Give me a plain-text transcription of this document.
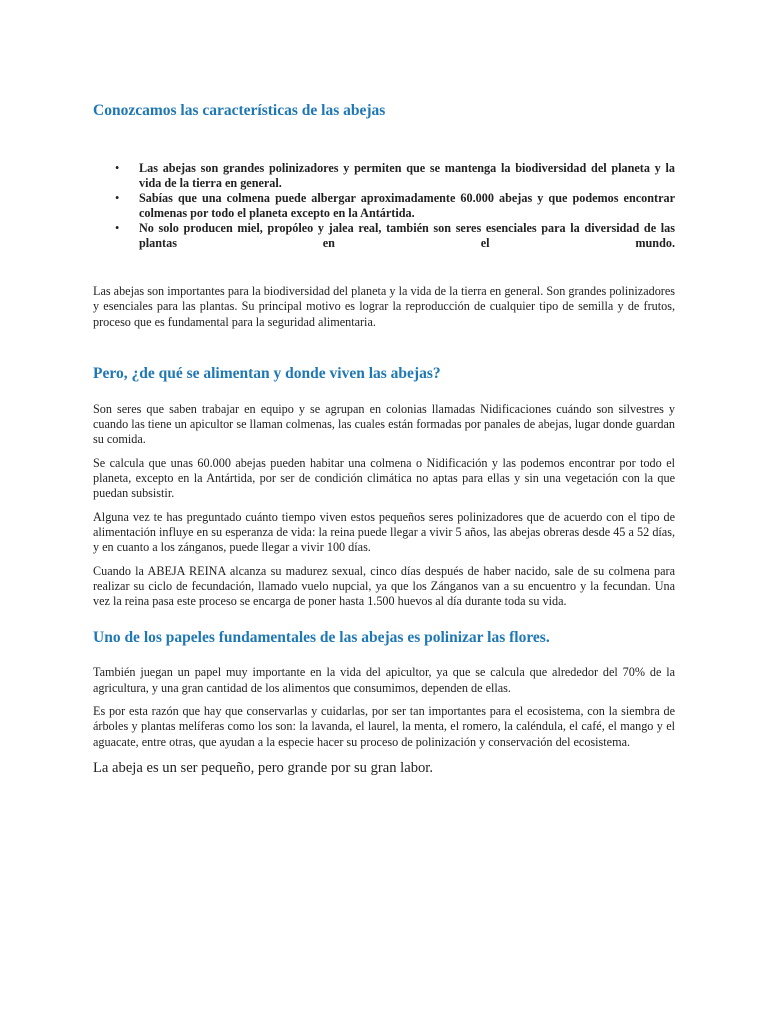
Conozcamos las características de las abejas
• Las abejas son grandes polinizadores y permiten que se mantenga la biodiversidad del planeta y la vida de la tierra en general.
• Sabías que una colmena puede albergar aproximadamente 60.000 abejas y que podemos encontrar colmenas por todo el planeta excepto en la Antártida.
• No solo producen miel, propóleo y jalea real, también son seres esenciales para la diversidad de las plantas en el mundo.

Las abejas son importantes para la biodiversidad del planeta y la vida de la tierra en general. Son grandes polinizadores y esenciales para las plantas. Su principal motivo es lograr la reproducción de cualquier tipo de semilla y de frutos, proceso que es fundamental para la seguridad alimentaria.

Pero, ¿de qué se alimentan y donde viven las abejas?

Son seres que saben trabajar en equipo y se agrupan en colonias llamadas Nidificaciones cuándo son silvestres y cuando las tiene un apicultor se llaman colmenas, las cuales están formadas por panales de abejas, lugar donde guardan su comida.

Se calcula que unas 60.000 abejas pueden habitar una colmena o Nidificación y las podemos encontrar por todo el planeta, excepto en la Antártida, por ser de condición climática no aptas para ellas y sin una vegetación con la que puedan subsistir.

Alguna vez te has preguntado cuánto tiempo viven estos pequeños seres polinizadores que de acuerdo con el tipo de alimentación influye en su esperanza de vida: la reina puede llegar a vivir 5 años, las abejas obreras desde 45 a 52 días, y en cuanto a los zánganos, puede llegar a vivir 100 días.

Cuando la ABEJA REINA alcanza su madurez sexual, cinco días después de haber nacido, sale de su colmena para realizar su ciclo de fecundación, llamado vuelo nupcial, ya que los Zánganos van a su encuentro y la fecundan. Una vez la reina pasa este proceso se encarga de poner hasta 1.500 huevos al día durante toda su vida.

Uno de los papeles fundamentales de las abejas es polinizar las flores.

También juegan un papel muy importante en la vida del apicultor, ya que se calcula que alrededor del 70% de la agricultura, y una gran cantidad de los alimentos que consumimos, dependen de ellas.

Es por esta razón que hay que conservarlas y cuidarlas, por ser tan importantes para el ecosistema, con la siembra de árboles y plantas melíferas como los son: la lavanda, el laurel, la menta, el romero, la caléndula, el café, el mango y el aguacate, entre otras, que ayudan a la especie hacer su proceso de polinización y conservación del ecosistema.

La abeja es un ser pequeño, pero grande por su gran labor.
